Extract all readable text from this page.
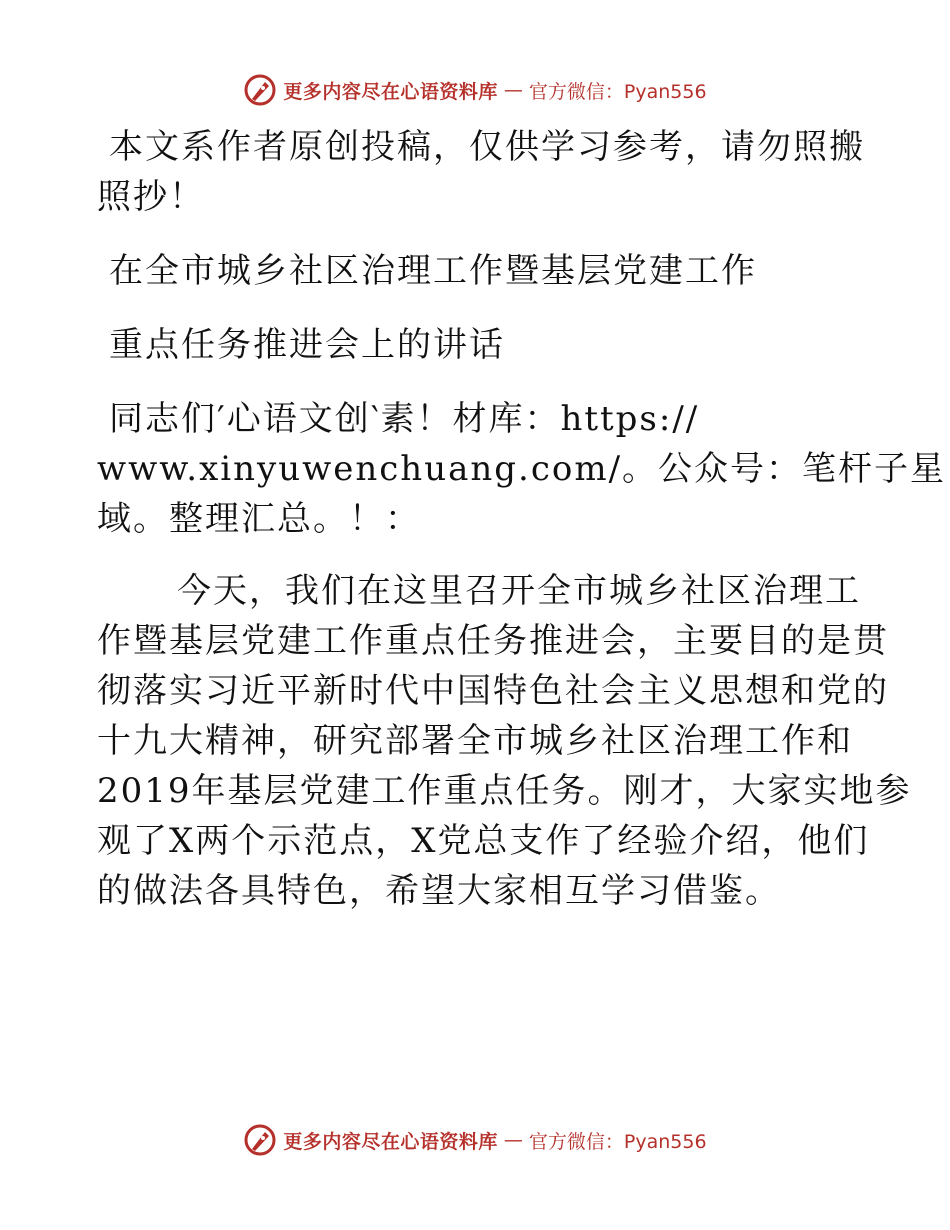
更多内容尽在心语资料库 — 官方微信：Pyan556
本文系作者原创投稿，仅供学习参考，请勿照搬
照抄！
在全市城乡社区治理工作暨基层党建工作
重点任务推进会上的讲话
同志们′心语文创‵素！材库：https://
www.xinyuwenchuang.com/。公众号：笔杆子星
域。整理汇总。！：
今天，我们在这里召开全市城乡社区治理工
作暨基层党建工作重点任务推进会，主要目的是贯
彻落实习近平新时代中国特色社会主义思想和党的
十九大精神，研究部署全市城乡社区治理工作和
2019年基层党建工作重点任务。刚才，大家实地参
观了X两个示范点，X党总支作了经验介绍，他们
的做法各具特色，希望大家相互学习借鉴。
更多内容尽在心语资料库 — 官方微信：Pyan556
